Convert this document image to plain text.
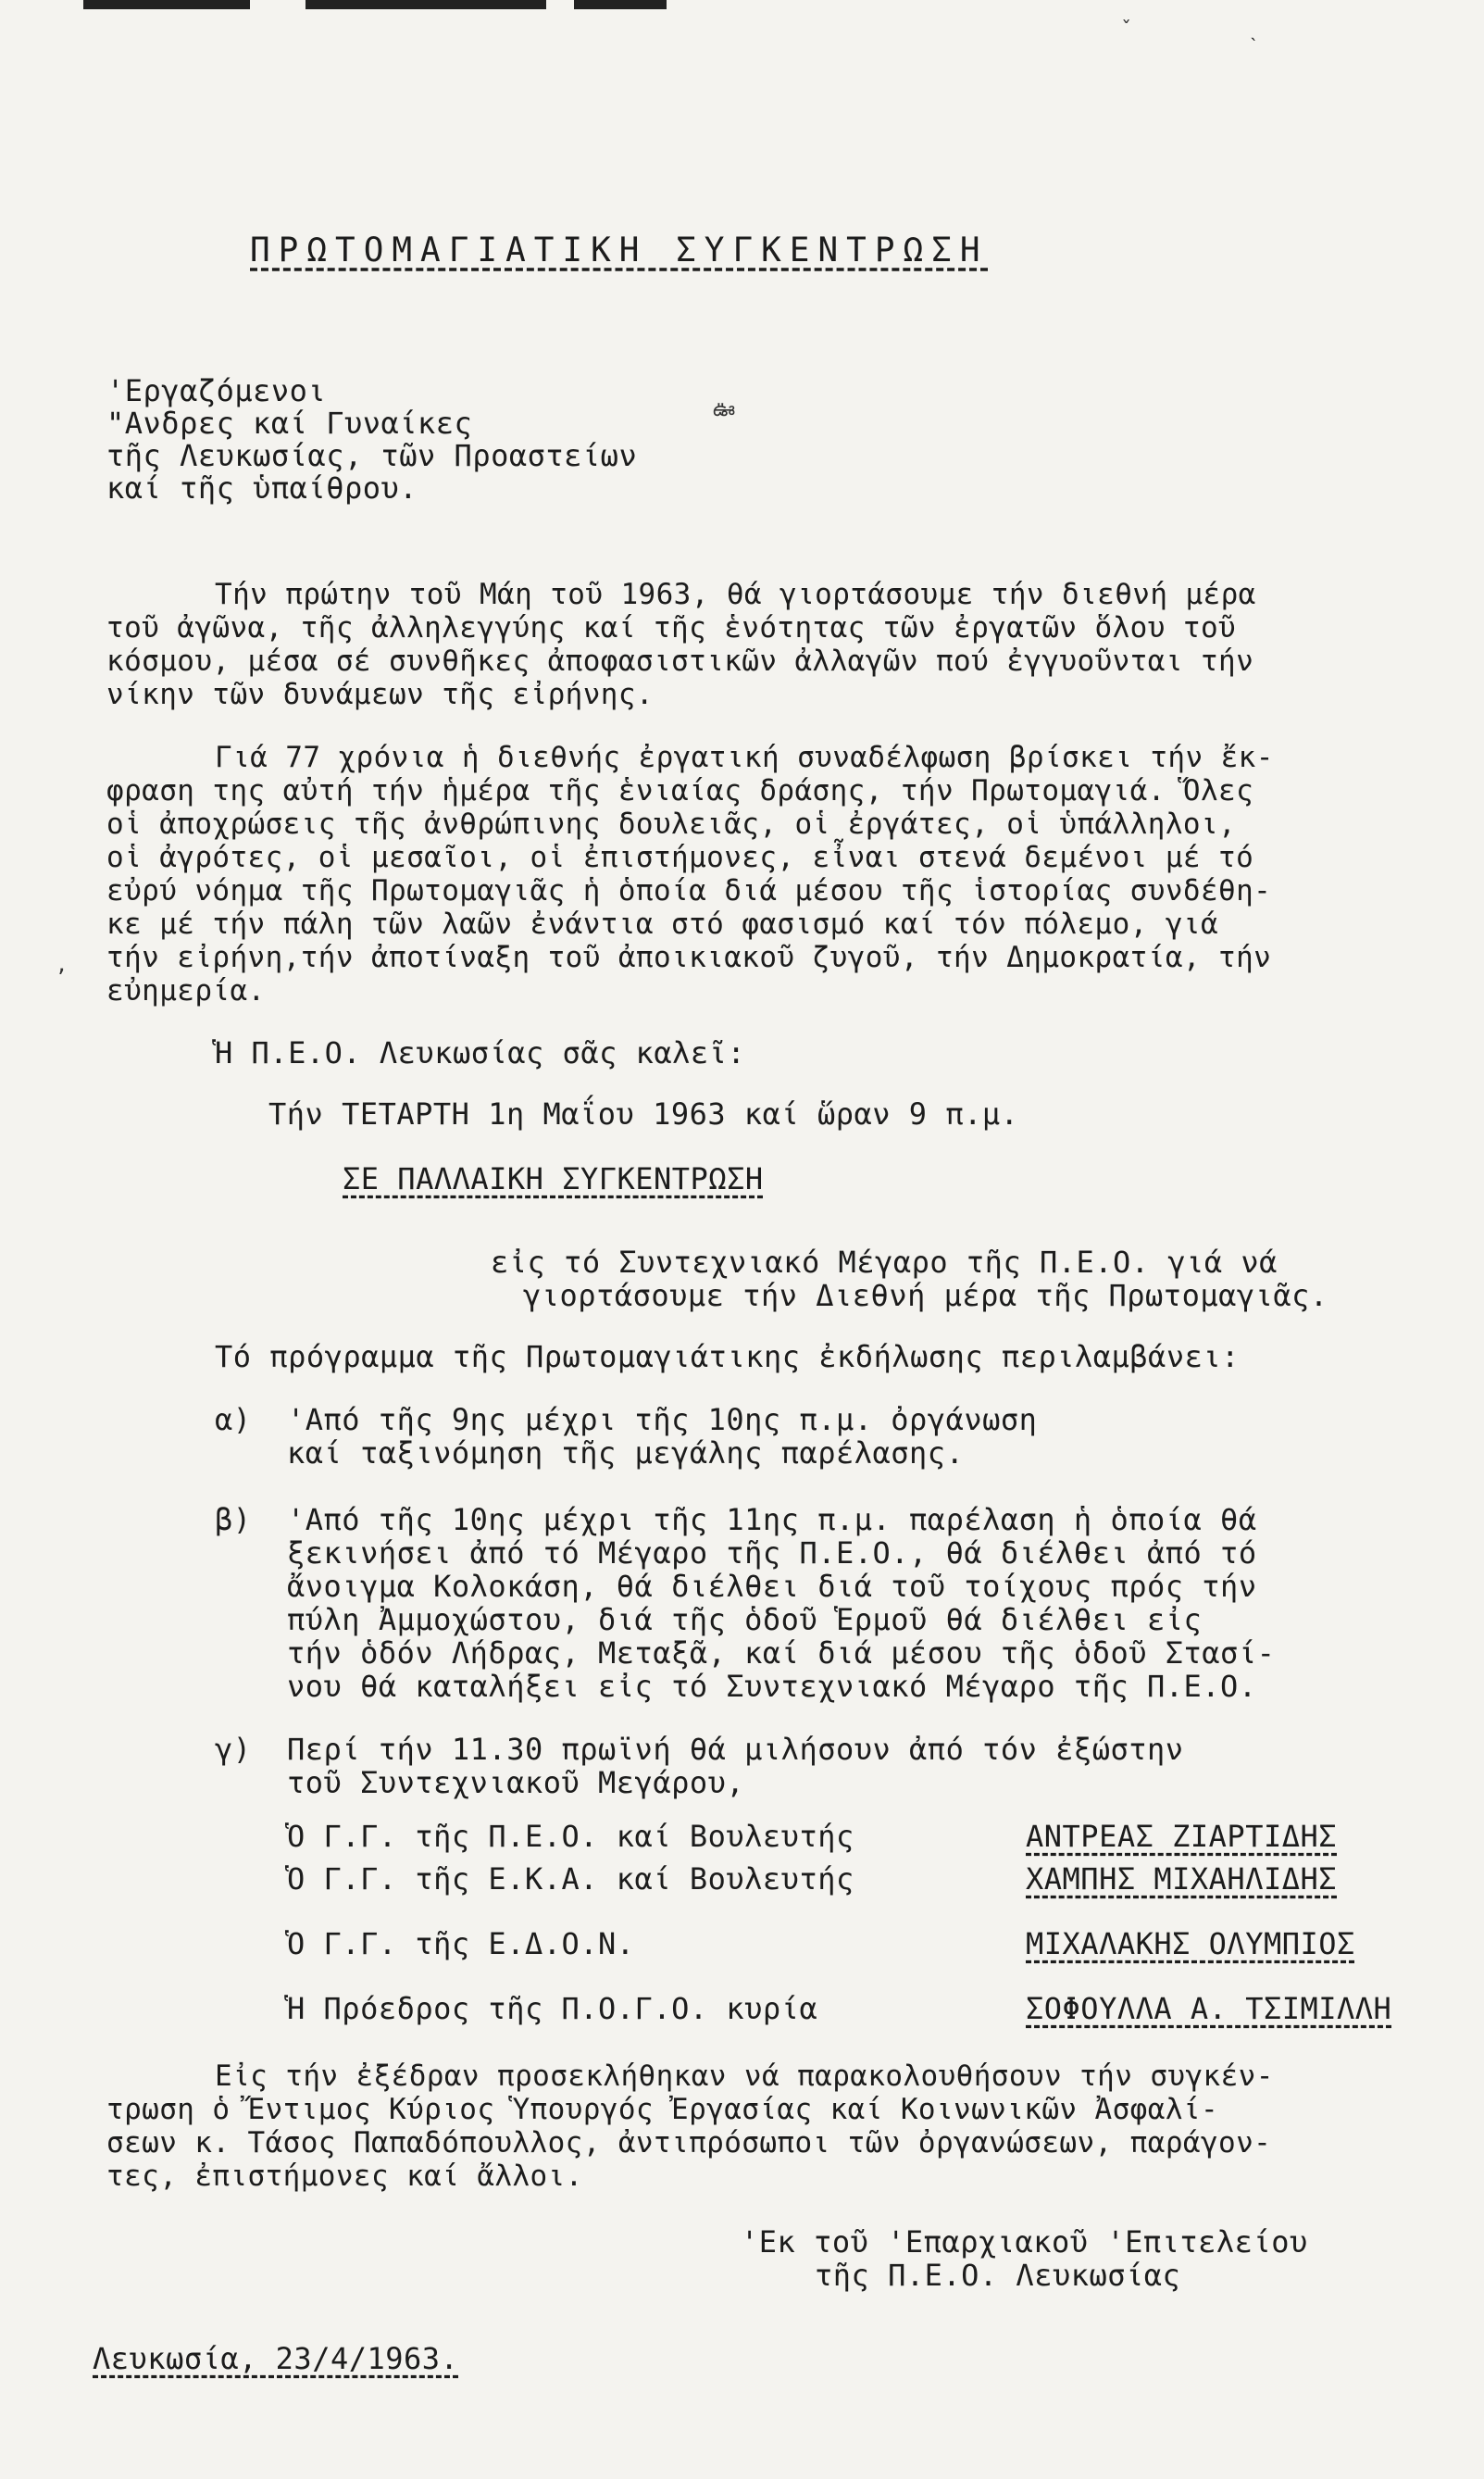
ˇ	˴
ఊ
,
ΠΡΩΤΟΜΑΓΙΑΤΙΚΗ ΣΥΓΚΕΝΤΡΩΣΗ
'Εργαζόμενοι
"Ανδρες καί Γυναίκες
τῆς Λευκωσίας, τῶν Προαστείων
καί τῆς ὑπαίθρου.
Τήν πρώτην τοῦ Μάη τοῦ 1963, θά γιορτάσουμε τήν διεθνή μέρα
τοῦ ἀγῶνα, τῆς ἀλληλεγγύης καί τῆς ἑνότητας τῶν ἐργατῶν ὅλου τοῦ
κόσμου, μέσα σέ συνθῆκες ἀποφασιστικῶν ἀλλαγῶν πού ἐγγυοῦνται τήν
νίκην τῶν δυνάμεων τῆς εἰρήνης.
Γιά 77 χρόνια ἡ διεθνής ἐργατική συναδέλφωση βρίσκει τήν ἔκ-
φραση της αὐτή τήν ἡμέρα τῆς ἑνιαίας δράσης, τήν Πρωτομαγιά. Ὅλες
οἱ ἀποχρώσεις τῆς ἀνθρώπινης δουλειᾶς, οἱ ἐργάτες, οἱ ὑπάλληλοι,
οἱ ἀγρότες, οἱ μεσαῖοι, οἱ ἐπιστήμονες, εἶναι στενά δεμένοι μέ τό
εὐρύ νόημα τῆς Πρωτομαγιᾶς ἡ ὁποία διά μέσου τῆς ἱστορίας συνδέθη-
κε μέ τήν πάλη τῶν λαῶν ἐνάντια στό φασισμό καί τόν πόλεμο, γιά
τήν εἰρήνη,τήν ἀποτίναξη τοῦ ἀποικιακοῦ ζυγοῦ, τήν Δημοκρατία, τήν
εὐημερία.
Ἡ Π.Ε.Ο. Λευκωσίας σᾶς καλεῖ:
Τήν ΤΕΤΑΡΤΗ 1η Μαΐου 1963 καί ὥραν 9 π.μ.
ΣΕ ΠΑΛΛΑΙΚΗ ΣΥΓΚΕΝΤΡΩΣΗ
εἰς τό Συντεχνιακό Μέγαρο τῆς Π.Ε.Ο. γιά νά
γιορτάσουμε τήν Διεθνή μέρα τῆς Πρωτομαγιᾶς.
Τό πρόγραμμα τῆς Πρωτομαγιάτικης ἐκδήλωσης περιλαμβάνει:
α) 'Από τῆς 9ης μέχρι τῆς 10ης π.μ. ὀργάνωση
καί ταξινόμηση τῆς μεγάλης παρέλασης.
β) 'Από τῆς 10ης μέχρι τῆς 11ης π.μ. παρέλαση ἡ ὁποία θά
ξεκινήσει ἀπό τό Μέγαρο τῆς Π.Ε.Ο., θά διέλθει ἀπό τό
ἄνοιγμα Κολοκάση, θά διέλθει διά τοῦ τοίχους πρός τήν
πύλη Ἀμμοχώστου, διά τῆς ὁδοῦ Ἑρμοῦ θά διέλθει εἰς
τήν ὁδόν Λήδρας, Μεταξᾶ, καί διά μέσου τῆς ὁδοῦ Στασί-
νου θά καταλήξει εἰς τό Συντεχνιακό Μέγαρο τῆς Π.Ε.Ο.
γ) Περί τήν 11.30 πρωϊνή θά μιλήσουν ἀπό τόν ἐξώστην
τοῦ Συντεχνιακοῦ Μεγάρου,
Ὁ Γ.Γ. τῆς Π.Ε.Ο. καί Βουλευτής	ΑΝΤΡΕΑΣ ΖΙΑΡΤΙΔΗΣ
Ὁ Γ.Γ. τῆς Ε.Κ.Α. καί Βουλευτής	ΧΑΜΠΗΣ ΜΙΧΑΗΛΙΔΗΣ
Ὁ Γ.Γ. τῆς Ε.Δ.Ο.Ν.	ΜΙΧΑΛΑΚΗΣ ΟΛΥΜΠΙΟΣ
Ἡ Πρόεδρος τῆς Π.Ο.Γ.Ο. κυρία	ΣΟΦΟΥΛΛΑ Α. ΤΣΙΜΙΛΛΗ
Εἰς τήν ἐξέδραν προσεκλήθηκαν νά παρακολουθήσουν τήν συγκέν-
τρωση ὁ Ἔντιμος Κύριος Ὑπουργός Ἐργασίας καί Κοινωνικῶν Ἀσφαλί-
σεων κ. Τάσος Παπαδόπουλλος, ἀντιπρόσωποι τῶν ὀργανώσεων, παράγον-
τες, ἐπιστήμονες καί ἄλλοι.
'Εκ τοῦ 'Επαρχιακοῦ 'Επιτελείου
τῆς Π.Ε.Ο. Λευκωσίας
Λευκωσία, 23/4/1963.
